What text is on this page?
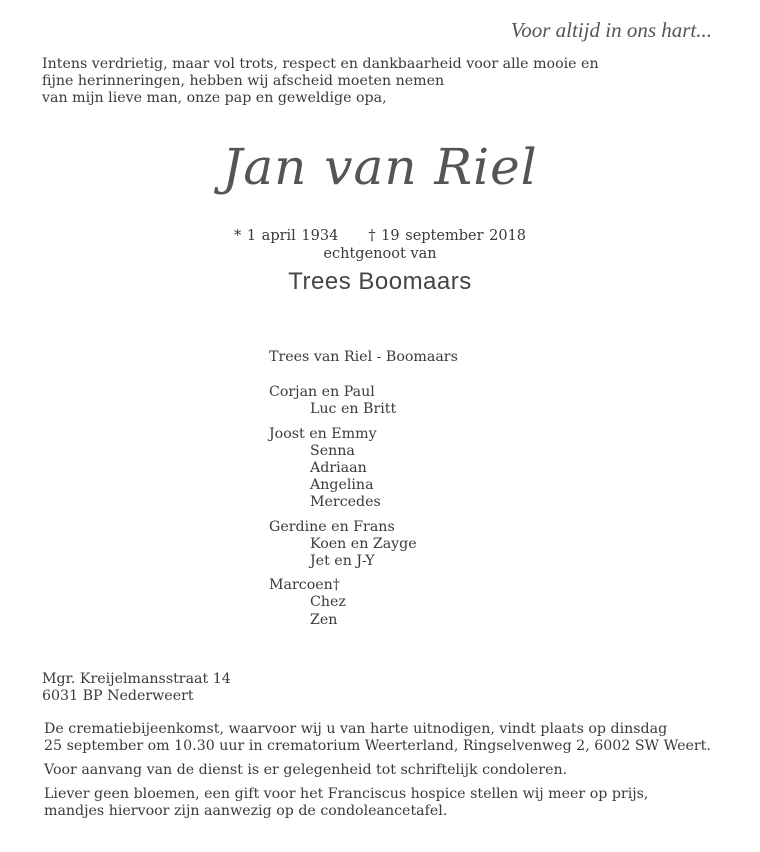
Voor altijd in ons hart...
Intens verdrietig, maar vol trots, respect en dankbaarheid voor alle mooie en
fijne herinneringen, hebben wij afscheid moeten nemen
van mijn lieve man, onze pap en geweldige opa,
Jan van Riel
* 1 april 1934 † 19 september 2018
echtgenoot van
Trees Boomaars
Trees van Riel - Boomaars
Corjan en Paul
Luc en Britt
Joost en Emmy
Senna
Adriaan
Angelina
Mercedes
Gerdine en Frans
Koen en Zayge
Jet en J-Y
Marcoen†
Chez
Zen
Mgr. Kreijelmansstraat 14
6031 BP Nederweert

De crematiebijeenkomst, waarvoor wij u van harte uitnodigen, vindt plaats op dinsdag
25 september om 10.30 uur in crematorium Weerterland, Ringselvenweg 2, 6002 SW Weert.

Voor aanvang van de dienst is er gelegenheid tot schriftelijk condoleren.

Liever geen bloemen, een gift voor het Franciscus hospice stellen wij meer op prijs,
mandjes hiervoor zijn aanwezig op de condoleancetafel.
